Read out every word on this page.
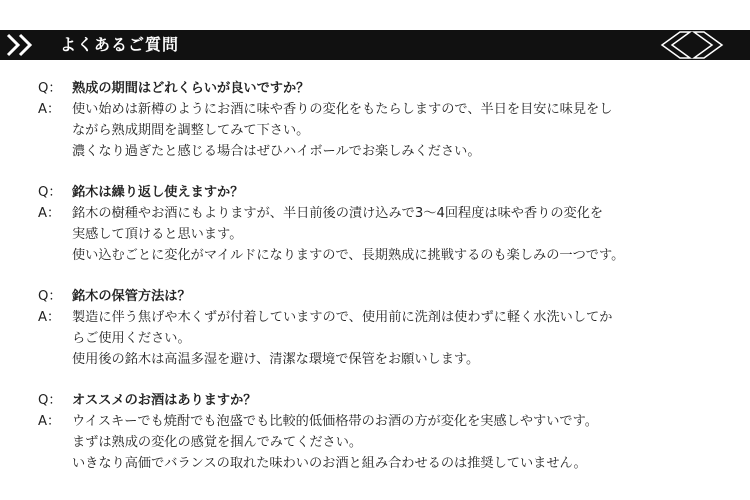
よくあるご質問
Q： 熟成の期間はどれくらいが良いですか？
A： 使い始めは新樽のようにお酒に味や香りの変化をもたらしますので、半日を目安に味見をし
ながら熟成期間を調整してみて下さい。
濃くなり過ぎたと感じる場合はぜひハイボールでお楽しみください。
Q： 銘木は繰り返し使えますか？
A： 銘木の樹種やお酒にもよりますが、半日前後の漬け込みで3〜4回程度は味や香りの変化を
実感して頂けると思います。
使い込むごとに変化がマイルドになりますので、長期熟成に挑戦するのも楽しみの一つです。
Q： 銘木の保管方法は？
A： 製造に伴う焦げや木くずが付着していますので、使用前に洗剤は使わずに軽く水洗いしてか
らご使用ください。
使用後の銘木は高温多湿を避け、清潔な環境で保管をお願いします。
Q： オススメのお酒はありますか？
A： ウイスキーでも焼酎でも泡盛でも比較的低価格帯のお酒の方が変化を実感しやすいです。
まずは熟成の変化の感覚を掴んでみてください。
いきなり高価でバランスの取れた味わいのお酒と組み合わせるのは推奨していません。
